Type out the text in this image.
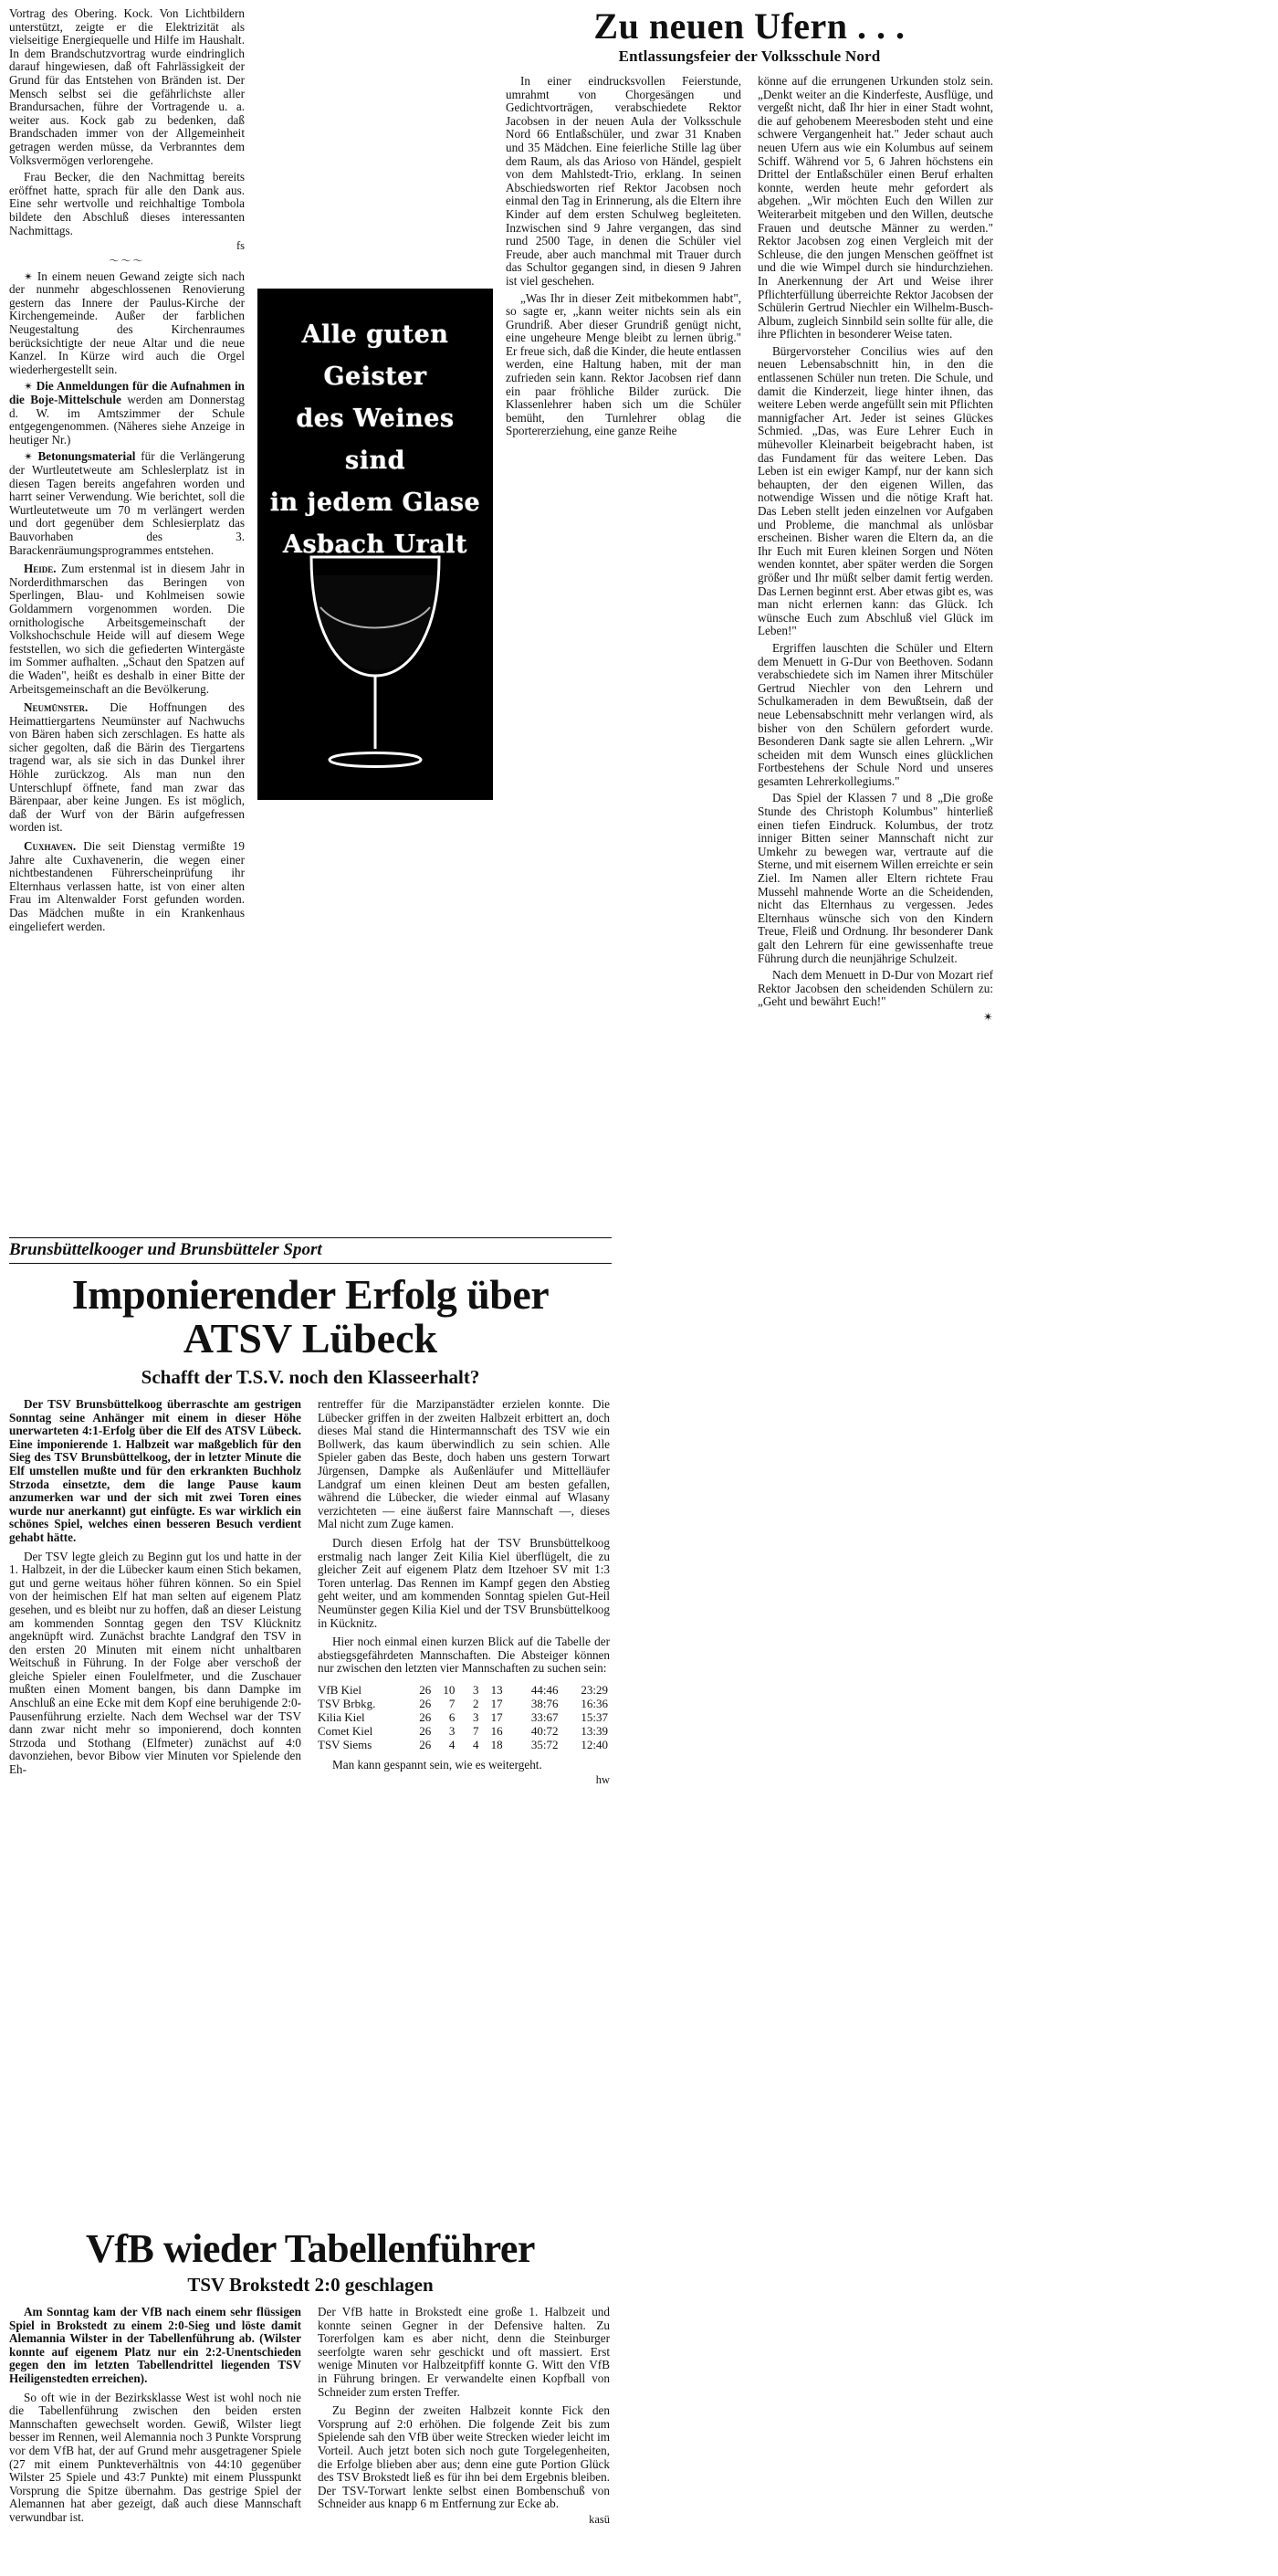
Vortrag des Obering. Kock. Von Lichtbildern unterstützt, zeigte er die Elektrizität als vielseitige Energiequelle und Hilfe im Haushalt. In dem Brandschutzvortrag wurde eindringlich darauf hingewiesen, daß oft Fahrlässigkeit der Grund für das Entstehen von Bränden ist. Der Mensch selbst sei die gefährlichste aller Brandursachen, führe der Vortragende u. a. weiter aus. Kock gab zu bedenken, daß Brandschaden immer von der Allgemeinheit getragen werden müsse, da Verbranntes dem Volksvermögen verlorengehe.

Frau Becker, die den Nachmittag bereits eröffnet hatte, sprach für alle den Dank aus. Eine sehr wertvolle und reichhaltige Tombola bildete den Abschluß dieses interessanten Nachmittags.

fs

〜〜〜

✴ In einem neuen Gewand zeigte sich nach der nunmehr abgeschlossenen Renovierung gestern das Innere der Paulus-Kirche der Kirchengemeinde. Außer der farblichen Neugestaltung des Kirchenraumes berücksichtigte der neue Altar und die neue Kanzel. In Kürze wird auch die Orgel wiederhergestellt sein.

✴ Die Anmeldungen für die Aufnahmen in die Boje-Mittelschule werden am Donnerstag d. W. im Amtszimmer der Schule entgegengenommen. (Näheres siehe Anzeige in heutiger Nr.)

✴ Betonungsmaterial für die Verlängerung der Wurtleutetweute am Schleslerplatz ist in diesen Tagen bereits angefahren worden und harrt seiner Verwendung. Wie berichtet, soll die Wurtleutetweute um 70 m verlängert werden und dort gegenüber dem Schlesierplatz das Bauvorhaben des 3. Barackenräumungsprogrammes entstehen.

Heide. Zum erstenmal ist in diesem Jahr in Norderdithmarschen das Beringen von Sperlingen, Blau- und Kohlmeisen sowie Goldammern vorgenommen worden. Die ornithologische Arbeitsgemeinschaft der Volkshochschule Heide will auf diesem Wege feststellen, wo sich die gefiederten Wintergäste im Sommer aufhalten. „Schaut den Spatzen auf die Waden", heißt es deshalb in einer Bitte der Arbeitsgemeinschaft an die Bevölkerung.

Neumünster. Die Hoffnungen des Heimattiergartens Neumünster auf Nachwuchs von Bären haben sich zerschlagen. Es hatte als sicher gegolten, daß die Bärin des Tiergartens tragend war, als sie sich in das Dunkel ihrer Höhle zurückzog. Als man nun den Unterschlupf öffnete, fand man zwar das Bärenpaar, aber keine Jungen. Es ist möglich, daß der Wurf von der Bärin aufgefressen worden ist.

Cuxhaven. Die seit Dienstag vermißte 19 Jahre alte Cuxhavenerin, die wegen einer nichtbestandenen Führerscheinprüfung ihr Elternhaus verlassen hatte, ist von einer alten Frau im Altenwalder Forst gefunden worden. Das Mädchen mußte in ein Krankenhaus eingeliefert werden.

Alle guten Geister
des Weines sind
in jedem Glase
Asbach Uralt
Zu neuen Ufern . . .
Entlassungsfeier der Volksschule Nord

In einer eindrucksvollen Feierstunde, umrahmt von Chorgesängen und Gedichtvorträgen, verabschiedete Rektor Jacobsen in der neuen Aula der Volksschule Nord 66 Entlaßschüler, und zwar 31 Knaben und 35 Mädchen. Eine feierliche Stille lag über dem Raum, als das Arioso von Händel, gespielt von dem Mahlstedt-Trio, erklang. In seinen Abschiedsworten rief Rektor Jacobsen noch einmal den Tag in Erinnerung, als die Eltern ihre Kinder auf dem ersten Schulweg begleiteten. Inzwischen sind 9 Jahre vergangen, das sind rund 2500 Tage, in denen die Schüler viel Freude, aber auch manchmal mit Trauer durch das Schultor gegangen sind, in diesen 9 Jahren ist viel geschehen.

„Was Ihr in dieser Zeit mitbekommen habt", so sagte er, „kann weiter nichts sein als ein Grundriß. Aber dieser Grundriß genügt nicht, eine ungeheure Menge bleibt zu lernen übrig." Er freue sich, daß die Kinder, die heute entlassen werden, eine Haltung haben, mit der man zufrieden sein kann. Rektor Jacobsen rief dann ein paar fröhliche Bilder zurück. Die Klassenlehrer haben sich um die Schüler bemüht, den Turnlehrer oblag die Sportererziehung, eine ganze Reihe

könne auf die errungenen Urkunden stolz sein. „Denkt weiter an die Kinderfeste, Ausflüge, und vergeßt nicht, daß Ihr hier in einer Stadt wohnt, die auf gehobenem Meeresboden steht und eine schwere Vergangenheit hat." Jeder schaut auch neuen Ufern aus wie ein Kolumbus auf seinem Schiff. Während vor 5, 6 Jahren höchstens ein Drittel der Entlaßschüler einen Beruf erhalten konnte, werden heute mehr gefordert als abgehen. „Wir möchten Euch den Willen zur Weiterarbeit mitgeben und den Willen, deutsche Frauen und deutsche Männer zu werden." Rektor Jacobsen zog einen Vergleich mit der Schleuse, die den jungen Menschen geöffnet ist und die wie Wimpel durch sie hindurchziehen. In Anerkennung der Art und Weise ihrer Pflichterfüllung überreichte Rektor Jacobsen der Schülerin Gertrud Niechler ein Wilhelm-Busch-Album, zugleich Sinnbild sein sollte für alle, die ihre Pflichten in besonderer Weise taten.

Bürgervorsteher Concilius wies auf den neuen Lebensabschnitt hin, in den die entlassenen Schüler nun treten. Die Schule, und damit die Kinderzeit, liege hinter ihnen, das weitere Leben werde angefüllt sein mit Pflichten mannigfacher Art. Jeder ist seines Glückes Schmied. „Das, was Eure Lehrer Euch in mühevoller Kleinarbeit beigebracht haben, ist das Fundament für das weitere Leben. Das Leben ist ein ewiger Kampf, nur der kann sich behaupten, der den eigenen Willen, das notwendige Wissen und die nötige Kraft hat. Das Leben stellt jeden einzelnen vor Aufgaben und Probleme, die manchmal als unlösbar erscheinen. Bisher waren die Eltern da, an die Ihr Euch mit Euren kleinen Sorgen und Nöten wenden konntet, aber später werden die Sorgen größer und Ihr müßt selber damit fertig werden. Das Lernen beginnt erst. Aber etwas gibt es, was man nicht erlernen kann: das Glück. Ich wünsche Euch zum Abschluß viel Glück im Leben!"

Ergriffen lauschten die Schüler und Eltern dem Menuett in G-Dur von Beethoven. Sodann verabschiedete sich im Namen ihrer Mitschüler Gertrud Niechler von den Lehrern und Schulkameraden in dem Bewußtsein, daß der neue Lebensabschnitt mehr verlangen wird, als bisher von den Schülern gefordert wurde. Besonderen Dank sagte sie allen Lehrern. „Wir scheiden mit dem Wunsch eines glücklichen Fortbestehens der Schule Nord und unseres gesamten Lehrerkollegiums."

Das Spiel der Klassen 7 und 8 „Die große Stunde des Christoph Kolumbus" hinterließ einen tiefen Eindruck. Kolumbus, der trotz inniger Bitten seiner Mannschaft nicht zur Umkehr zu bewegen war, vertraute auf die Sterne, und mit eisernem Willen erreichte er sein Ziel. Im Namen aller Eltern richtete Frau Mussehl mahnende Worte an die Scheidenden, nicht das Elternhaus zu vergessen. Jedes Elternhaus wünsche sich von den Kindern Treue, Fleiß und Ordnung. Ihr besonderer Dank galt den Lehrern für eine gewissenhafte treue Führung durch die neunjährige Schulzeit.

Nach dem Menuett in D-Dur von Mozart rief Rektor Jacobsen den scheidenden Schülern zu: „Geht und bewährt Euch!"

✴

Brunsbüttelkooger und Brunsbütteler Sport
Imponierender Erfolg über
ATSV Lübeck
Schafft der T.S.V. noch den Klasseerhalt?

Der TSV Brunsbüttelkoog überraschte am gestrigen Sonntag seine Anhänger mit einem in dieser Höhe unerwarteten 4:1-Erfolg über die Elf des ATSV Lübeck. Eine imponierende 1. Halbzeit war maßgeblich für den Sieg des TSV Brunsbüttelkoog, der in letzter Minute die Elf umstellen mußte und für den erkrankten Buchholz Strzoda einsetzte, dem die lange Pause kaum anzumerken war und der sich mit zwei Toren eines wurde nur anerkannt) gut einfügte. Es war wirklich ein schönes Spiel, welches einen besseren Besuch verdient gehabt hätte.

Der TSV legte gleich zu Beginn gut los und hatte in der 1. Halbzeit, in der die Lübecker kaum einen Stich bekamen, gut und gerne weitaus höher führen können. So ein Spiel von der heimischen Elf hat man selten auf eigenem Platz gesehen, und es bleibt nur zu hoffen, daß an dieser Leistung am kommenden Sonntag gegen den TSV Klücknitz angeknüpft wird. Zunächst brachte Landgraf den TSV in den ersten 20 Minuten mit einem nicht unhaltbaren Weitschuß in Führung. In der Folge aber verschoß der gleiche Spieler einen Foulelfmeter, und die Zuschauer mußten einen Moment bangen, bis dann Dampke im Anschluß an eine Ecke mit dem Kopf eine beruhigende 2:0-Pausenführung erzielte. Nach dem Wechsel war der TSV dann zwar nicht mehr so imponierend, doch konnten Strzoda und Stothang (Elfmeter) zunächst auf 4:0 davonziehen, bevor Bibow vier Minuten vor Spielende den Eh-

rentreffer für die Marzipanstädter erzielen konnte. Die Lübecker griffen in der zweiten Halbzeit erbittert an, doch dieses Mal stand die Hintermannschaft des TSV wie ein Bollwerk, das kaum überwindlich zu sein schien. Alle Spieler gaben das Beste, doch haben uns gestern Torwart Jürgensen, Dampke als Außenläufer und Mittelläufer Landgraf um einen kleinen Deut am besten gefallen, während die Lübecker, die wieder einmal auf Wlasany verzichteten — eine äußerst faire Mannschaft —, dieses Mal nicht zum Zuge kamen.

Durch diesen Erfolg hat der TSV Brunsbüttelkoog erstmalig nach langer Zeit Kilia Kiel überflügelt, die zu gleicher Zeit auf eigenem Platz dem Itzehoer SV mit 1:3 Toren unterlag. Das Rennen im Kampf gegen den Abstieg geht weiter, und am kommenden Sonntag spielen Gut-Heil Neumünster gegen Kilia Kiel und der TSV Brunsbüttelkoog in Kücknitz.

Hier noch einmal einen kurzen Blick auf die Tabelle der abstiegsgefährdeten Mannschaften. Die Absteiger können nur zwischen den letzten vier Mannschaften zu suchen sein:

VfB Kiel	26	10	3	13	44:46	23:29
TSV Brbkg.	26	7	2	17	38:76	16:36
Kilia Kiel	26	6	3	17	33:67	15:37
Comet Kiel	26	3	7	16	40:72	13:39
TSV Siems	26	4	4	18	35:72	12:40

Man kann gespannt sein, wie es weitergeht.

hw

VfB wieder Tabellenführer
TSV Brokstedt 2:0 geschlagen

Am Sonntag kam der VfB nach einem sehr flüssigen Spiel in Brokstedt zu einem 2:0-Sieg und löste damit Alemannia Wilster in der Tabellenführung ab. (Wilster konnte auf eigenem Platz nur ein 2:2-Unentschieden gegen den im letzten Tabellendrittel liegenden TSV Heiligenstedten erreichen).

So oft wie in der Bezirksklasse West ist wohl noch nie die Tabellenführung zwischen den beiden ersten Mannschaften gewechselt worden. Gewiß, Wilster liegt besser im Rennen, weil Alemannia noch 3 Punkte Vorsprung vor dem VfB hat, der auf Grund mehr ausgetragener Spiele (27 mit einem Punkteverhältnis von 44:10 gegenüber Wilster 25 Spiele und 43:7 Punkte) mit einem Plusspunkt Vorsprung die Spitze übernahm. Das gestrige Spiel der Alemannen hat aber gezeigt, daß auch diese Mannschaft verwundbar ist.

Der VfB hatte in Brokstedt eine große 1. Halbzeit und konnte seinen Gegner in der Defensive halten. Zu Torerfolgen kam es aber nicht, denn die Steinburger seerfolgte waren sehr geschickt und oft massiert. Erst wenige Minuten vor Halbzeitpfiff konnte G. Witt den VfB in Führung bringen. Er verwandelte einen Kopfball von Schneider zum ersten Treffer.

Zu Beginn der zweiten Halbzeit konnte Fick den Vorsprung auf 2:0 erhöhen. Die folgende Zeit bis zum Spielende sah den VfB über weite Strecken wieder leicht im Vorteil. Auch jetzt boten sich noch gute Torgelegenheiten, die Erfolge blieben aber aus; denn eine gute Portion Glück des TSV Brokstedt ließ es für ihn bei dem Ergebnis bleiben. Der TSV-Torwart lenkte selbst einen Bombenschuß von Schneider aus knapp 6 m Entfernung zur Ecke ab.

kasü
